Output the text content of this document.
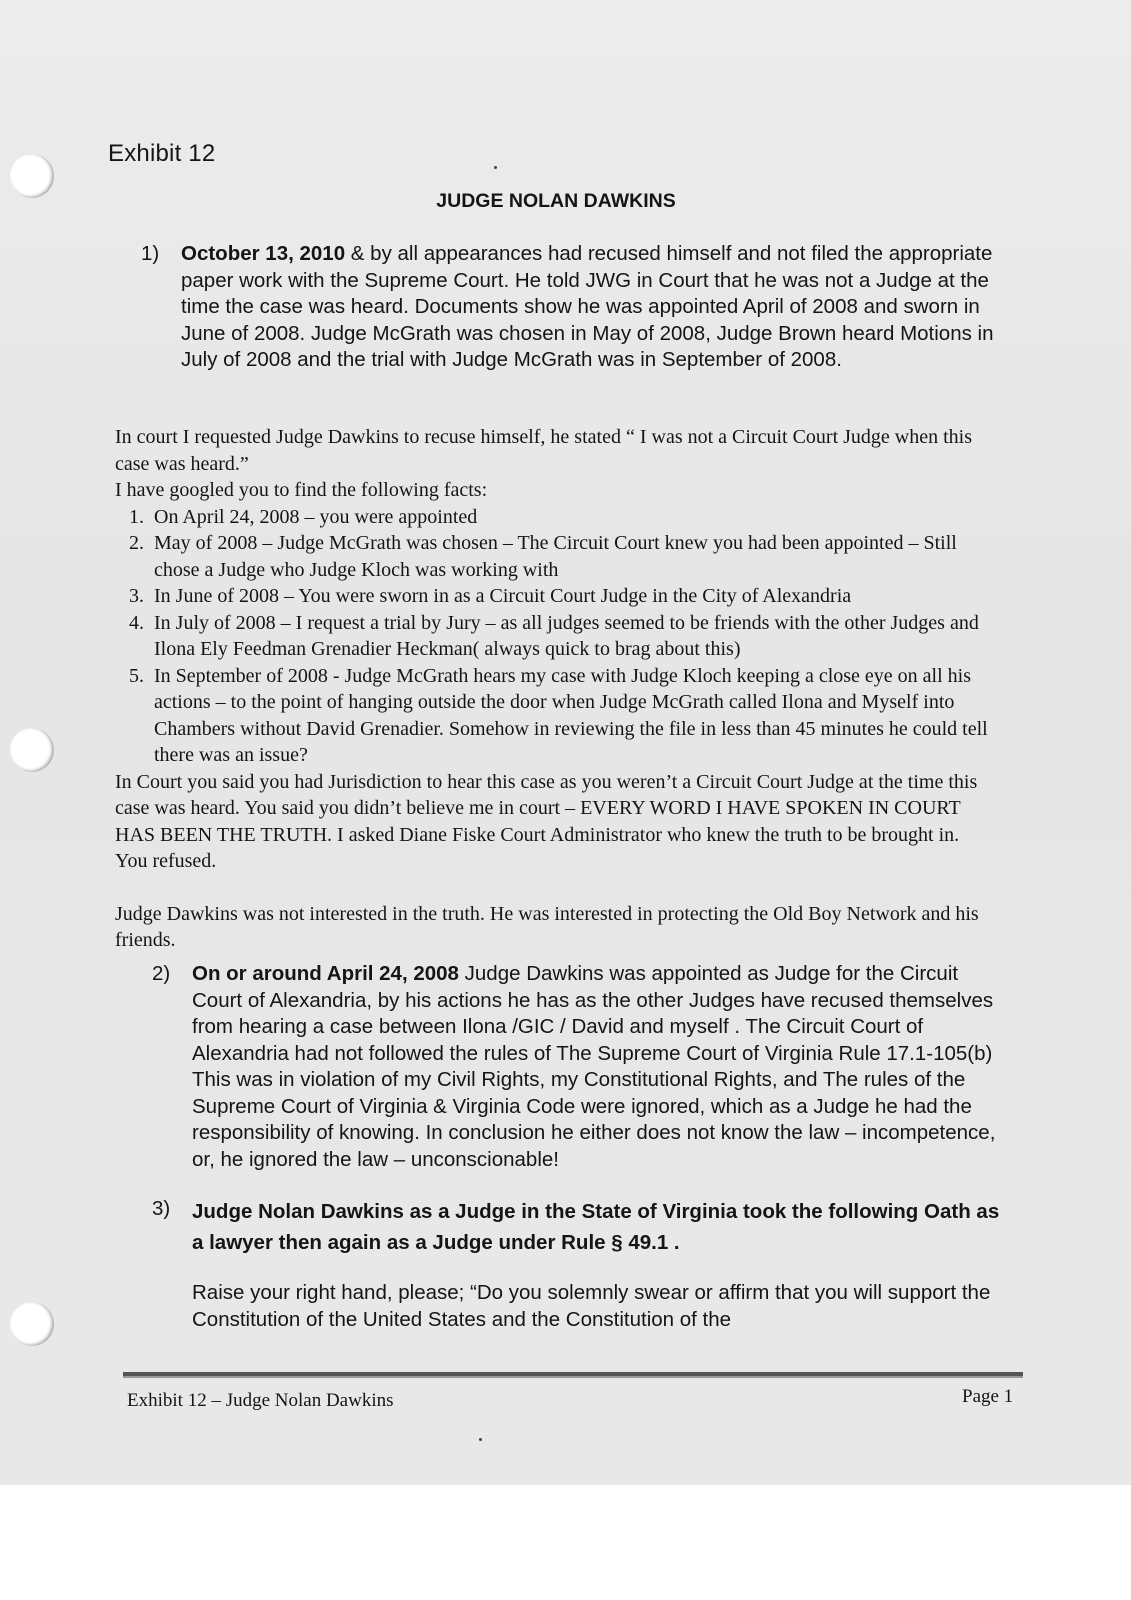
Exhibit 12
JUDGE NOLAN DAWKINS
1) October 13, 2010 & by all appearances had recused himself and not filed the appropriate paper work with the Supreme Court. He told JWG in Court that he was not a Judge at the time the case was heard. Documents show he was appointed April of 2008 and sworn in June of 2008. Judge McGrath was chosen in May of 2008, Judge Brown heard Motions in July of 2008 and the trial with Judge McGrath was in September of 2008.
In court I requested Judge Dawkins to recuse himself, he stated “ I was not a Circuit Court Judge when this case was heard.”
I have googled you to find the following facts:
1. On April 24, 2008 – you were appointed
2. May of 2008 – Judge McGrath was chosen – The Circuit Court knew you had been appointed – Still chose a Judge who Judge Kloch was working with
3. In June of 2008 – You were sworn in as a Circuit Court Judge in the City of Alexandria
4. In July of 2008 – I request a trial by Jury – as all judges seemed to be friends with the other Judges and Ilona Ely Feedman Grenadier Heckman( always quick to brag about this)
5. In September of 2008 - Judge McGrath hears my case with Judge Kloch keeping a close eye on all his actions – to the point of hanging outside the door when Judge McGrath called Ilona and Myself into Chambers without David Grenadier. Somehow in reviewing the file in less than 45 minutes he could tell there was an issue?
In Court you said you had Jurisdiction to hear this case as you weren’t a Circuit Court Judge at the time this case was heard. You said you didn’t believe me in court – EVERY WORD I HAVE SPOKEN IN COURT HAS BEEN THE TRUTH. I asked Diane Fiske Court Administrator who knew the truth to be brought in. You refused.
Judge Dawkins was not interested in the truth. He was interested in protecting the Old Boy Network and his friends.
2) On or around April 24, 2008 Judge Dawkins was appointed as Judge for the Circuit Court of Alexandria, by his actions he has as the other Judges have recused themselves from hearing a case between Ilona /GIC / David and myself . The Circuit Court of Alexandria had not followed the rules of The Supreme Court of Virginia Rule 17.1-105(b) This was in violation of my Civil Rights, my Constitutional Rights, and The rules of the Supreme Court of Virginia & Virginia Code were ignored, which as a Judge he had the responsibility of knowing. In conclusion he either does not know the law – incompetence, or, he ignored the law – unconscionable!
3) Judge Nolan Dawkins as a Judge in the State of Virginia took the following Oath as a lawyer then again as a Judge under Rule § 49.1 .
Raise your right hand, please; “Do you solemnly swear or affirm that you will support the Constitution of the United States and the Constitution of the
Exhibit 12 – Judge Nolan Dawkins	Page 1
